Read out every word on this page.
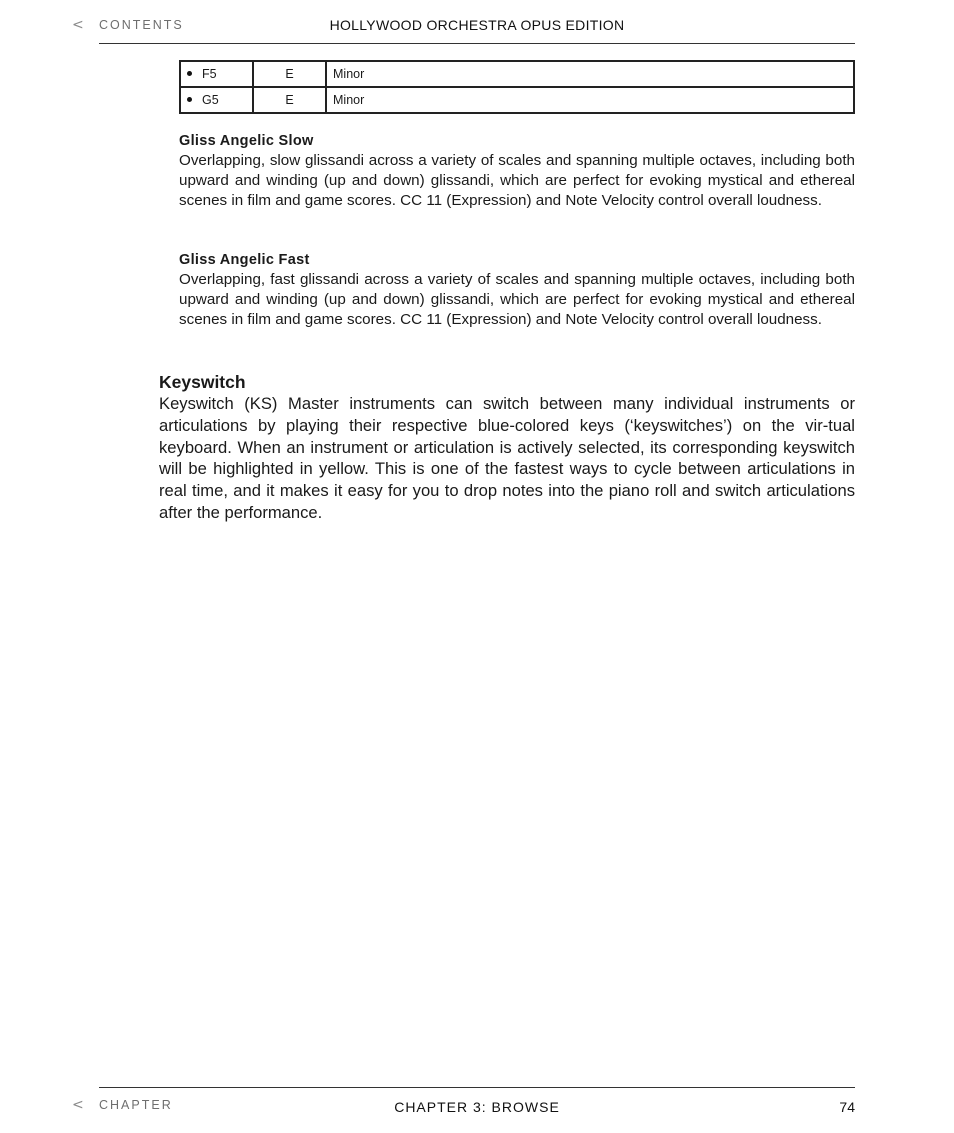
<	CONTENTS	HOLLYWOOD ORCHESTRA OPUS EDITION
F5	E	Minor
G5	E	Minor
Gliss Angelic Slow

Overlapping, slow glissandi across a variety of scales and spanning multiple octaves, including both upward and winding (up and down) glissandi, which are perfect for evoking mystical and ethereal scenes in film and game scores. CC 11 (Expression) and Note Velocity control overall loudness.

Gliss Angelic Fast

Overlapping, fast glissandi across a variety of scales and spanning multiple octaves, including both upward and winding (up and down) glissandi, which are perfect for evoking mystical and ethereal scenes in film and game scores. CC 11 (Expression) and Note Velocity control overall loudness.

Keyswitch

Keyswitch (KS) Master instruments can switch between many individual instruments or articulations by playing their respective blue-colored keys (‘keyswitches’) on the vir-tual keyboard. When an instrument or articulation is actively selected, its corresponding keyswitch will be highlighted in yellow. This is one of the fastest ways to cycle between articulations in real time, and it makes it easy for you to drop notes into the piano roll and switch articulations after the performance.

<	CHAPTER	CHAPTER 3: BROWSE	74
